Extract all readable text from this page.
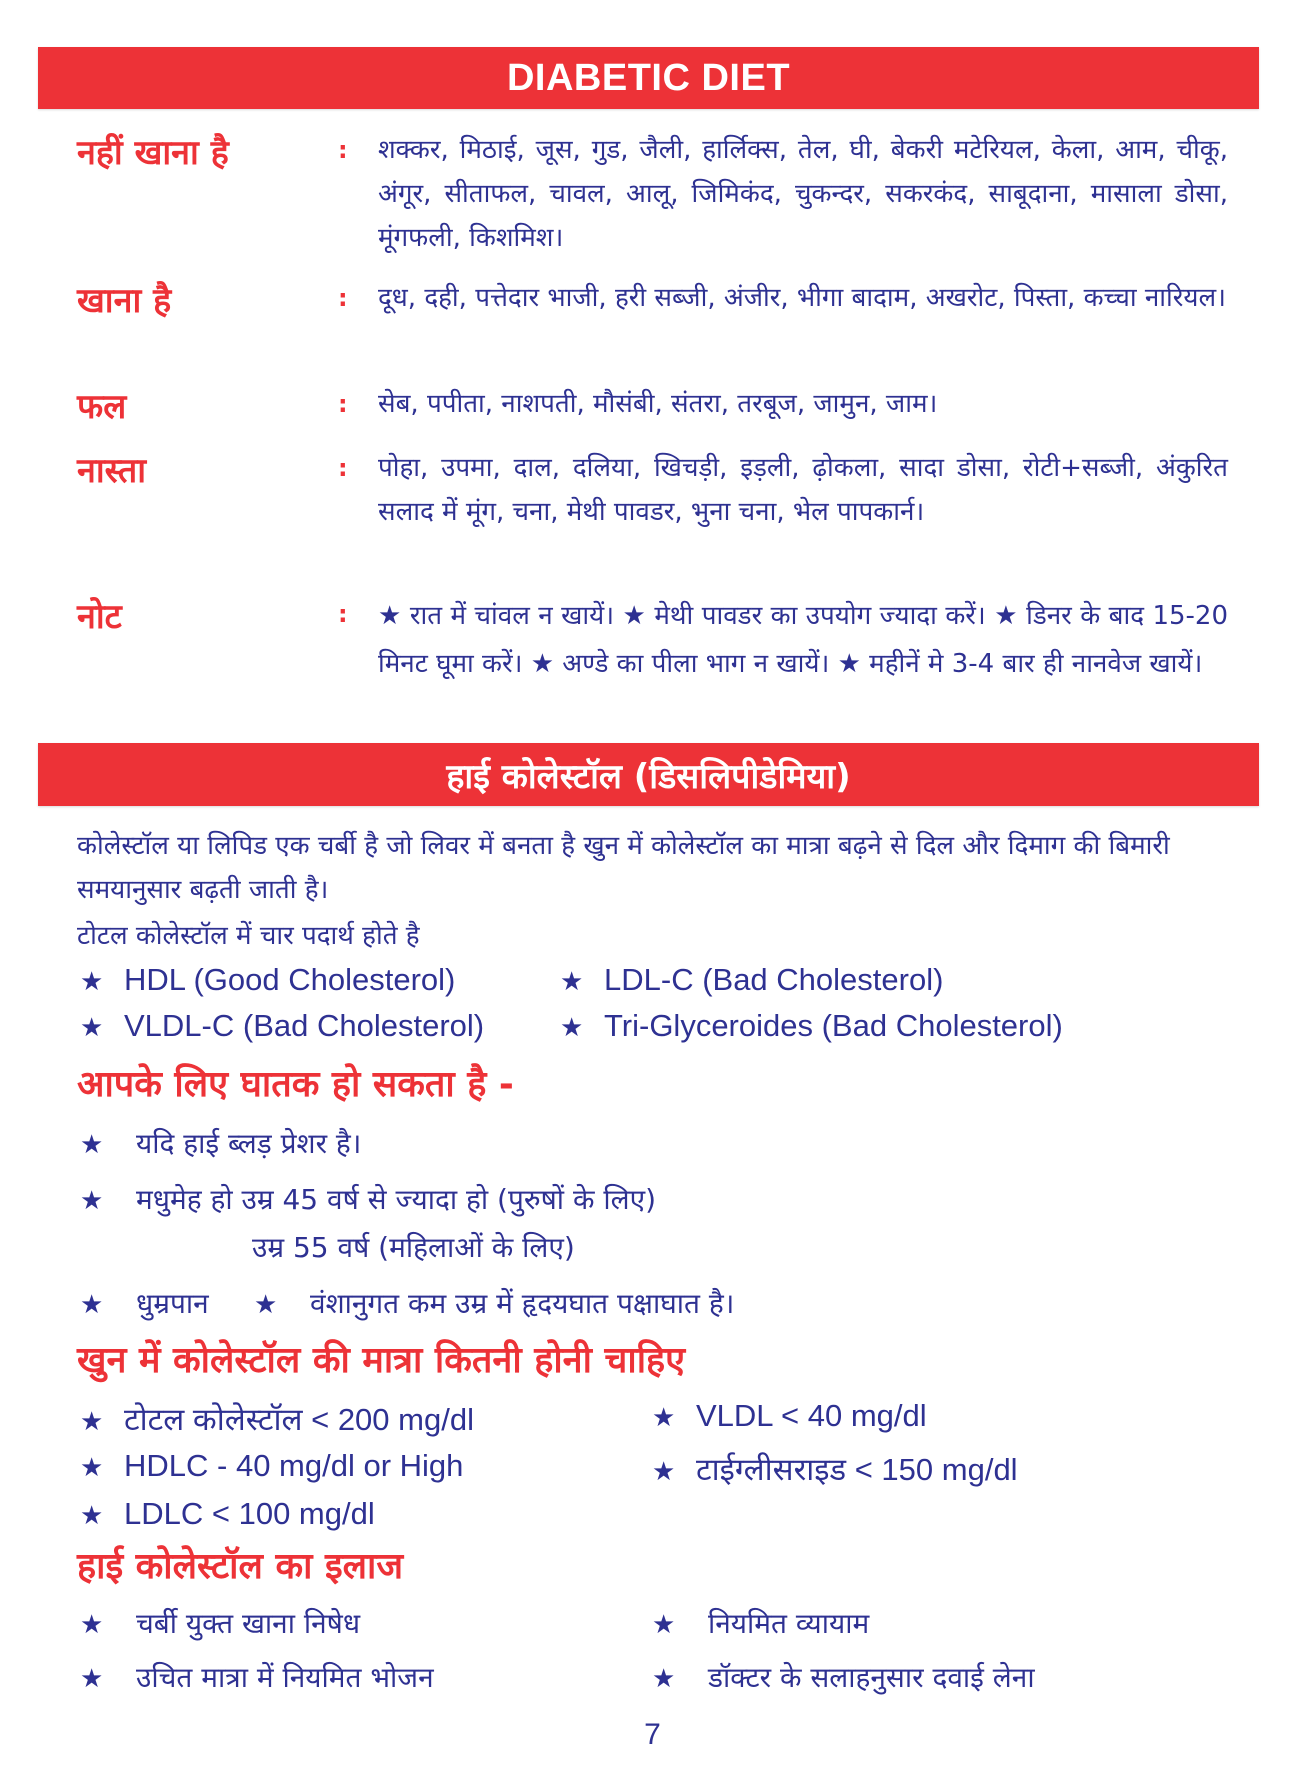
DIABETIC DIET
नहीं खाना है	: शक्कर, मिठाई, जूस, गुड, जैली, हार्लिक्स, तेल, घी, बेकरी मटेरियल, केला, आम, चीकू, अंगूर, सीताफल, चावल, आलू, जिमिकंद, चुकन्दर, सकरकंद, साबूदाना, मासाला डोसा, मूंगफली, किशमिश।
खाना है	: दूध, दही, पत्तेदार भाजी, हरी सब्जी, अंजीर, भीगा बादाम, अखरोट, पिस्ता, कच्चा नारियल।
फल	: सेब, पपीता, नाशपती, मौसंबी, संतरा, तरबूज, जामुन, जाम।
नास्ता	: पोहा, उपमा, दाल, दलिया, खिचड़ी, इड़ली, ढ़ोकला, सादा डोसा, रोटी+सब्जी, अंकुरित सलाद में मूंग, चना, मेथी पावडर, भुना चना, भेल पापकार्न।
नोट	: ★ रात में चांवल न खायें। ★ मेथी पावडर का उपयोग ज्यादा करें। ★ डिनर के बाद 15-20 मिनट घूमा करें। ★ अण्डे का पीला भाग न खायें। ★ महीनें मे 3-4 बार ही नानवेज खायें।
हाई कोलेस्टॉल (डिसलिपीडेमिया)
कोलेस्टॉल या लिपिड एक चर्बी है जो लिवर में बनता है खुन में कोलेस्टॉल का मात्रा बढ़ने से दिल और दिमाग की बिमारी समयानुसार बढ़ती जाती है।
टोटल कोलेस्टॉल में चार पदार्थ होते है
★ HDL (Good Cholesterol)	★ LDL-C (Bad Cholesterol)
★ VLDL-C (Bad Cholesterol)	★ Tri-Glyceroides (Bad Cholesterol)
आपके लिए घातक हो सकता है -
★ यदि हाई ब्लड़ प्रेशर है।
★ मधुमेह हो उम्र 45 वर्ष से ज्यादा हो (पुरुषों के लिए)
उम्र 55 वर्ष (महिलाओं के लिए)
★ धुम्रपान ★ वंशानुगत कम उम्र में हृदयघात पक्षाघात है।
खुन में कोलेस्टॉल की मात्रा कितनी होनी चाहिए
★ टोटल कोलेस्टॉल < 200 mg/dl	★ VLDL < 40 mg/dl
★ HDLC - 40 mg/dl or High	★ टाईग्लीसराइड < 150 mg/dl
★ LDLC < 100 mg/dl
हाई कोलेस्टॉल का इलाज
★ चर्बी युक्त खाना निषेध	★ नियमित व्यायाम
★ उचित मात्रा में नियमित भोजन	★ डॉक्टर के सलाहनुसार दवाई लेना
7
